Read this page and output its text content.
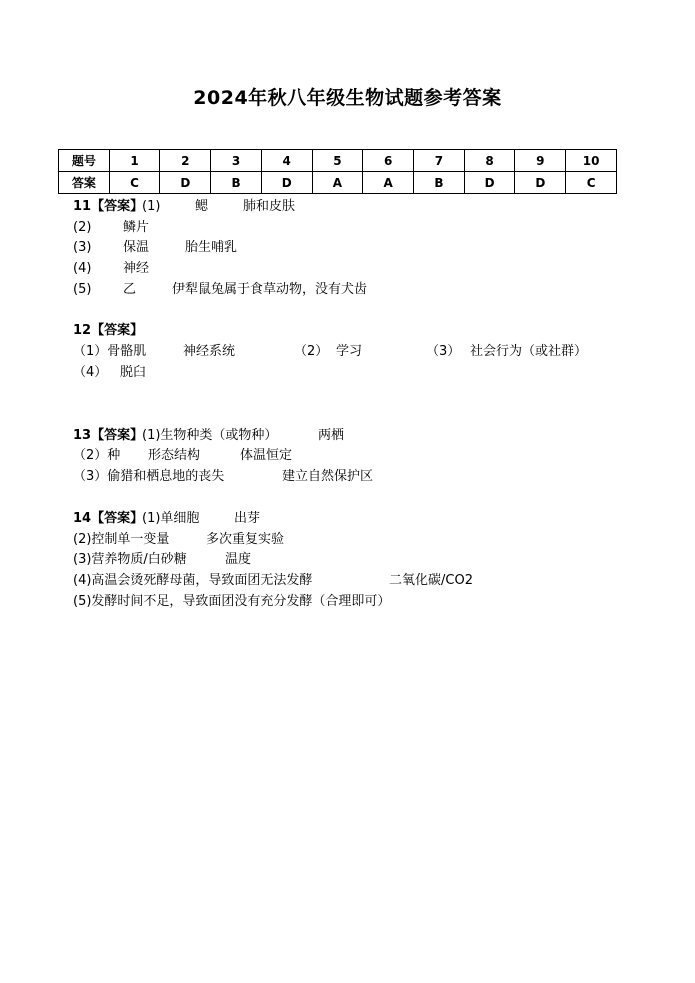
2024年秋八年级生物试题参考答案
题号	1	2	3	4	5	6	7	8	9	10
答案	C	D	B	D	A	A	B	D	D	C
11【答案】(1)	鳃	肺和皮肤
(2) 鳞片
(3) 保温	胎生哺乳
(4) 神经
(5) 乙	伊犁鼠兔属于食草动物，没有犬齿
12【答案】
（1）骨骼肌	神经系统	（2） 学习	（3） 社会行为（或社群）
（4） 脱臼
13【答案】(1)生物种类（或物种）	两栖
（2）种 形态结构	体温恒定
（3）偷猎和栖息地的丧失	建立自然保护区
14【答案】(1)单细胞	出芽
(2)控制单一变量	多次重复实验
(3)营养物质/白砂糖	温度
(4)高温会烫死酵母菌，导致面团无法发酵	二氧化碳/CO2
(5)发酵时间不足，导致面团没有充分发酵（合理即可）
